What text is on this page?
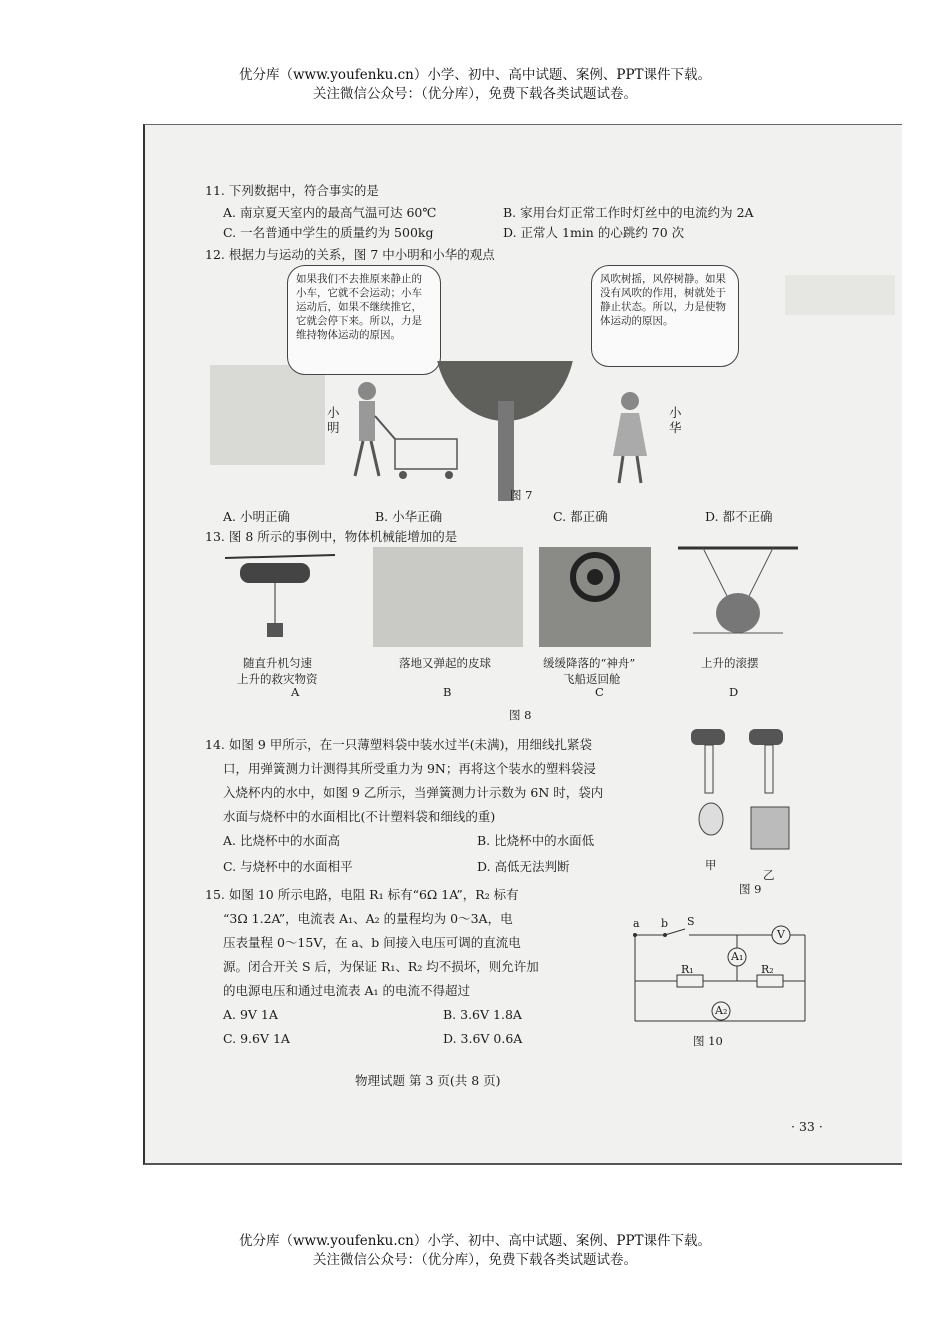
优分库（www.youfenku.cn）小学、初中、高中试题、案例、PPT课件下载。
关注微信公众号：（优分库），免费下载各类试题试卷。
11. 下列数据中，符合事实的是
A. 南京夏天室内的最高气温可达 60℃	B. 家用台灯正常工作时灯丝中的电流约为 2A
C. 一名普通中学生的质量约为 500kg	D. 正常人 1min 的心跳约 70 次
12. 根据力与运动的关系，图 7 中小明和小华的观点
如果我们不去推原来静止的小车，它就不会运动；小车运动后，如果不继续推它，它就会停下来。所以，力是维持物体运动的原因。
风吹树摇，风停树静。如果没有风吹的作用，树就处于静止状态。所以，力是使物体运动的原因。
小明
小华
图 7
A. 小明正确	B. 小华正确	C. 都正确	D. 都不正确
13. 图 8 所示的事例中，物体机械能增加的是
随直升机匀速
上升的救灾物资
落地又弹起的皮球	缓缓降落的“神舟”
飞船返回舱
上升的滚摆
A	B	C	D
图 8
14. 如图 9 甲所示，在一只薄塑料袋中装水过半(未满)，用细线扎紧袋
口，用弹簧测力计测得其所受重力为 9N；再将这个装水的塑料袋浸
入烧杯内的水中，如图 9 乙所示，当弹簧测力计示数为 6N 时，袋内
水面与烧杯中的水面相比(不计塑料袋和细线的重)
A. 比烧杯中的水面高	B. 比烧杯中的水面低
C. 与烧杯中的水面相平	D. 高低无法判断	甲
乙
图 9
15. 如图 10 所示电路，电阻 R₁ 标有“6Ω 1A”，R₂ 标有
“3Ω 1.2A”，电流表 A₁、A₂ 的量程均为 0～3A，电
压表量程 0～15V，在 a、b 间接入电压可调的直流电
源。闭合开关 S 后，为保证 R₁、R₂ 均不损坏，则允许加
的电源电压和通过电流表 A₁ 的电流不得超过
A. 9V 1A	B. 3.6V 1.8A
C. 9.6V 1A	D. 3.6V 0.6A
a b S
V
A₁
R₁	R₂
A₂
图 10
物理试题 第 3 页(共 8 页)
· 33 ·
优分库（www.youfenku.cn）小学、初中、高中试题、案例、PPT课件下载。
关注微信公众号：（优分库），免费下载各类试题试卷。
